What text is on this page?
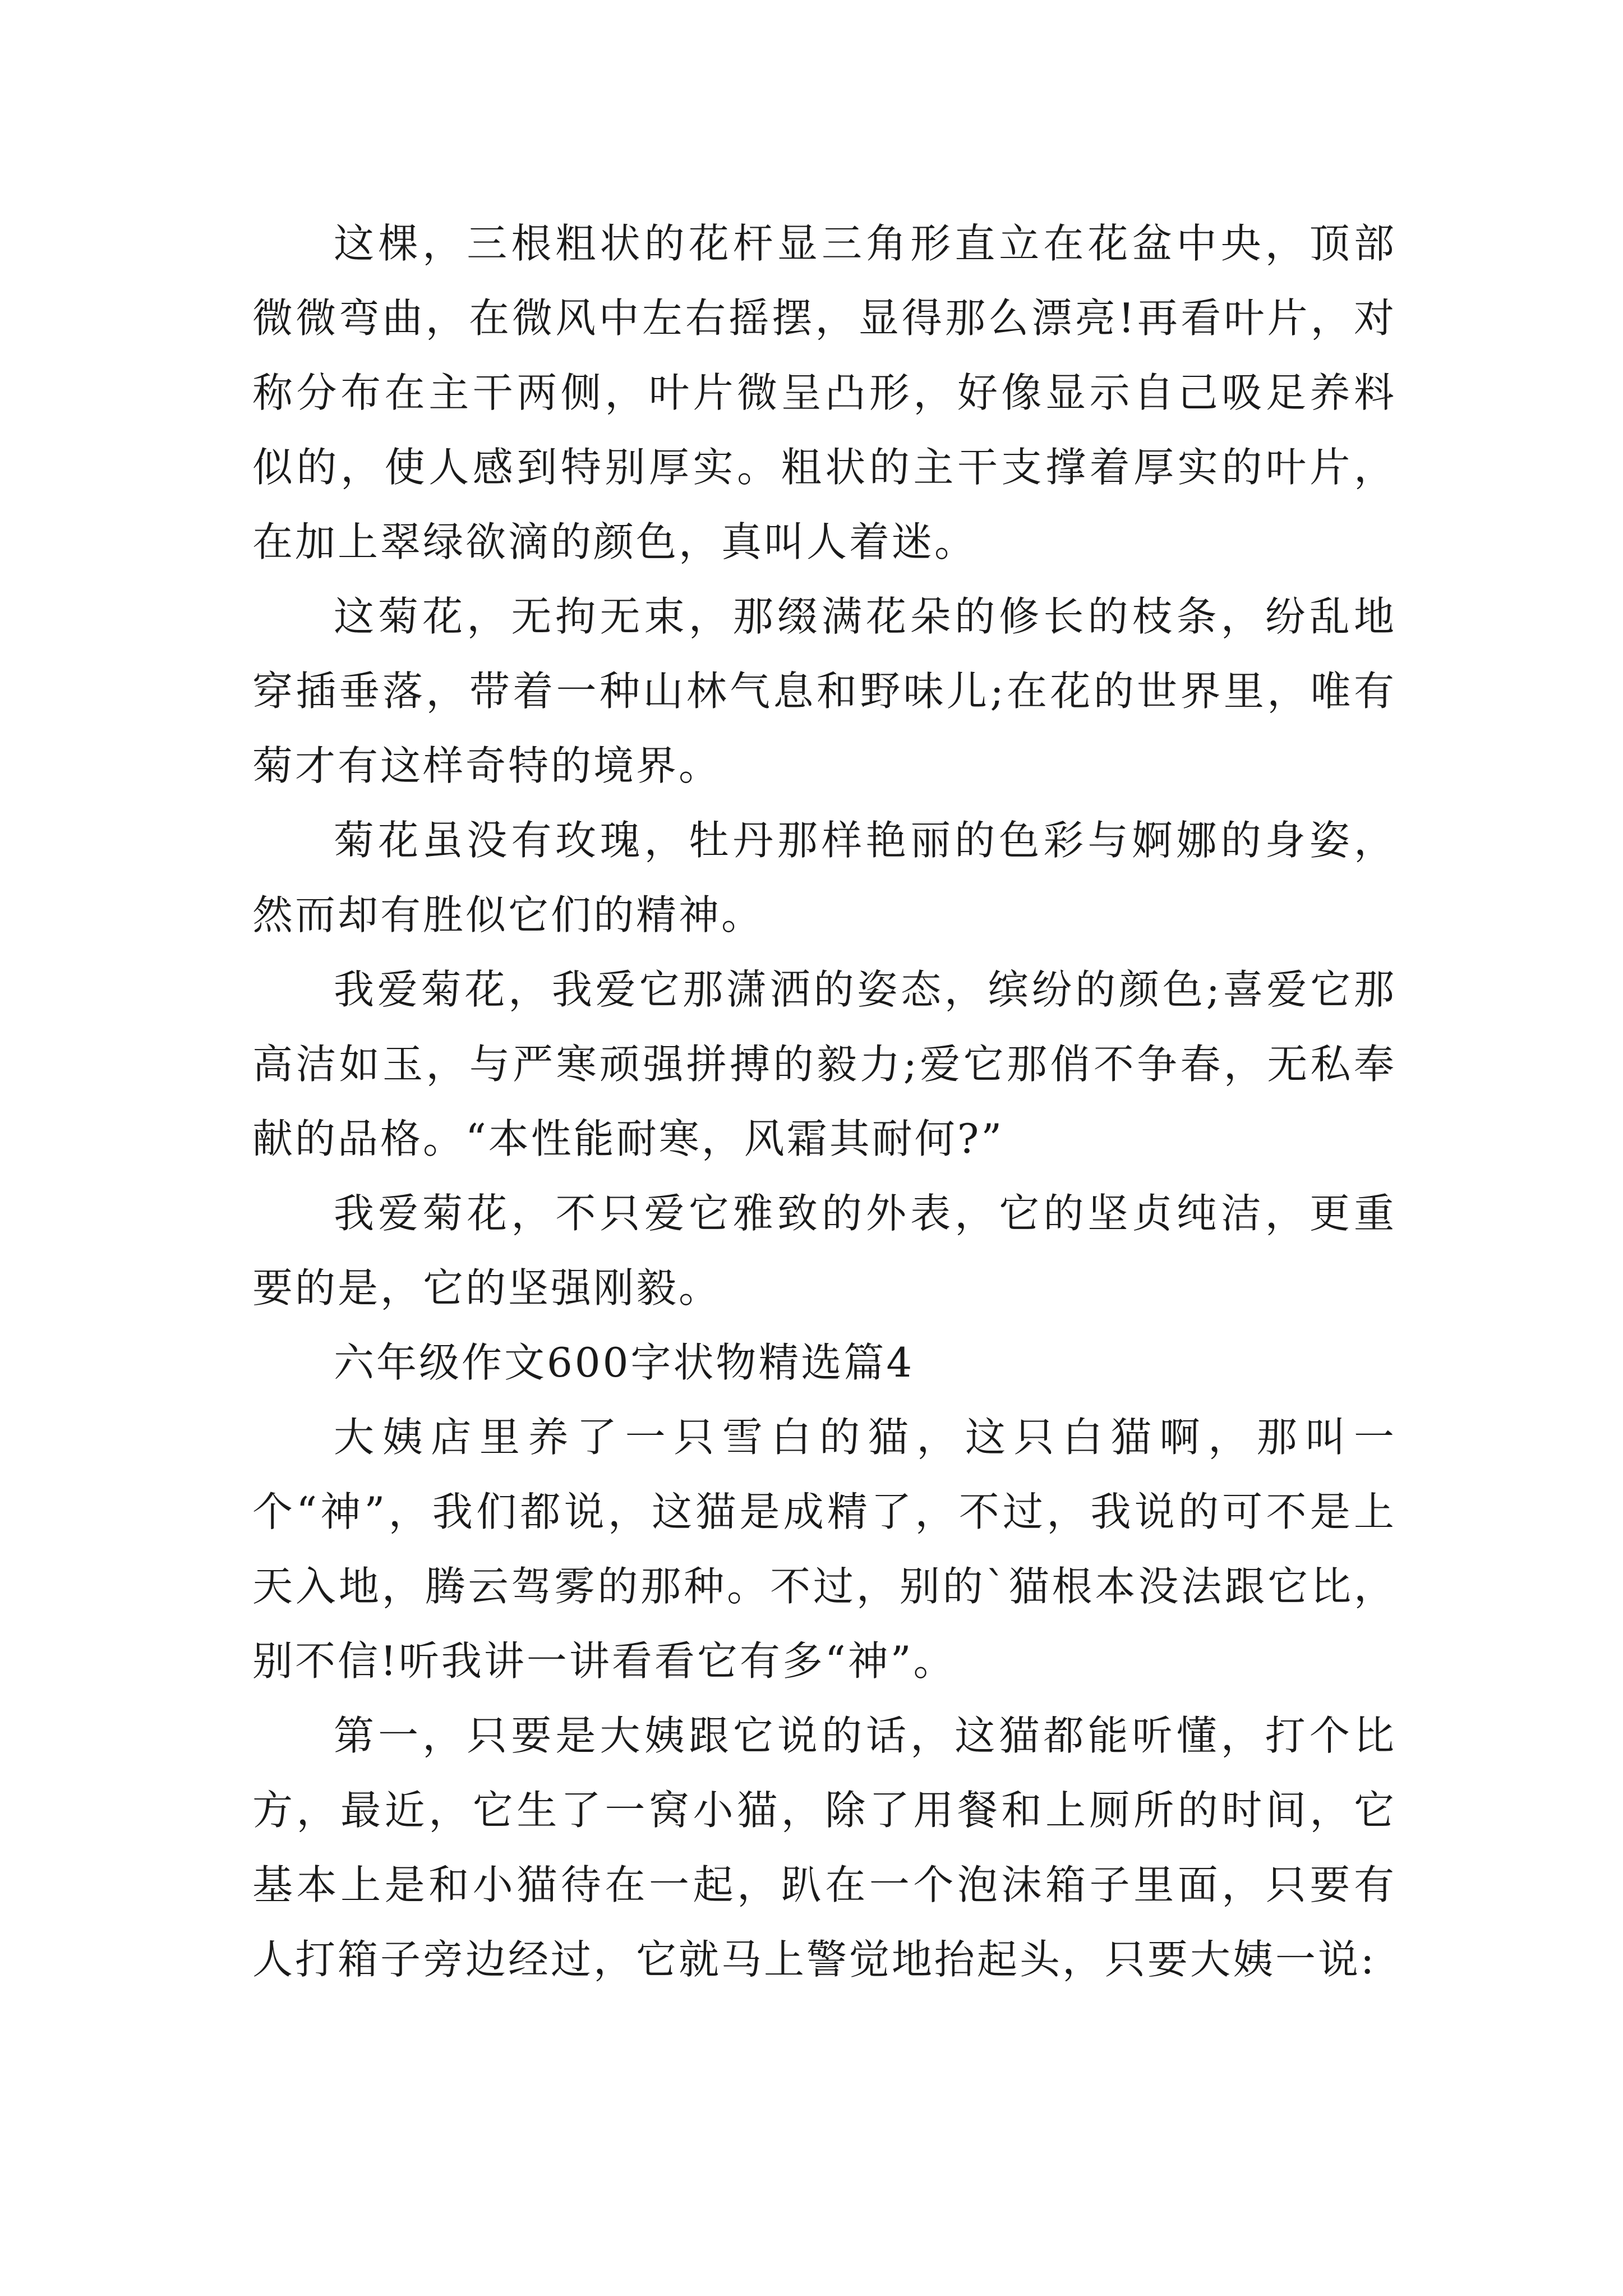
这棵，三根粗状的花杆显三角形直立在花盆中央，顶部微微弯曲，在微风中左右摇摆，显得那么漂亮!再看叶片，对称分布在主干两侧，叶片微呈凸形，好像显示自己吸足养料似的，使人感到特别厚实。粗状的主干支撑着厚实的叶片，在加上翠绿欲滴的颜色，真叫人着迷。

这菊花，无拘无束，那缀满花朵的修长的枝条，纷乱地穿插垂落，带着一种山林气息和野味儿;在花的世界里，唯有菊才有这样奇特的境界。

菊花虽没有玫瑰，牡丹那样艳丽的色彩与婀娜的身姿，然而却有胜似它们的精神。

我爱菊花，我爱它那潇洒的姿态，缤纷的颜色;喜爱它那高洁如玉，与严寒顽强拼搏的毅力;爱它那俏不争春，无私奉献的品格。“本性能耐寒，风霜其耐何?”

我爱菊花，不只爱它雅致的外表，它的坚贞纯洁，更重要的是，它的坚强刚毅。

六年级作文600字状物精选篇4

大姨店里养了一只雪白的猫，这只白猫啊，那叫一个“神”，我们都说，这猫是成精了，不过，我说的可不是上天入地，腾云驾雾的那种。不过，别的`猫根本没法跟它比，别不信!听我讲一讲看看它有多“神”。

第一，只要是大姨跟它说的话，这猫都能听懂，打个比方，最近，它生了一窝小猫，除了用餐和上厕所的时间，它基本上是和小猫待在一起，趴在一个泡沫箱子里面，只要有人打箱子旁边经过，它就马上警觉地抬起头，只要大姨一说:
